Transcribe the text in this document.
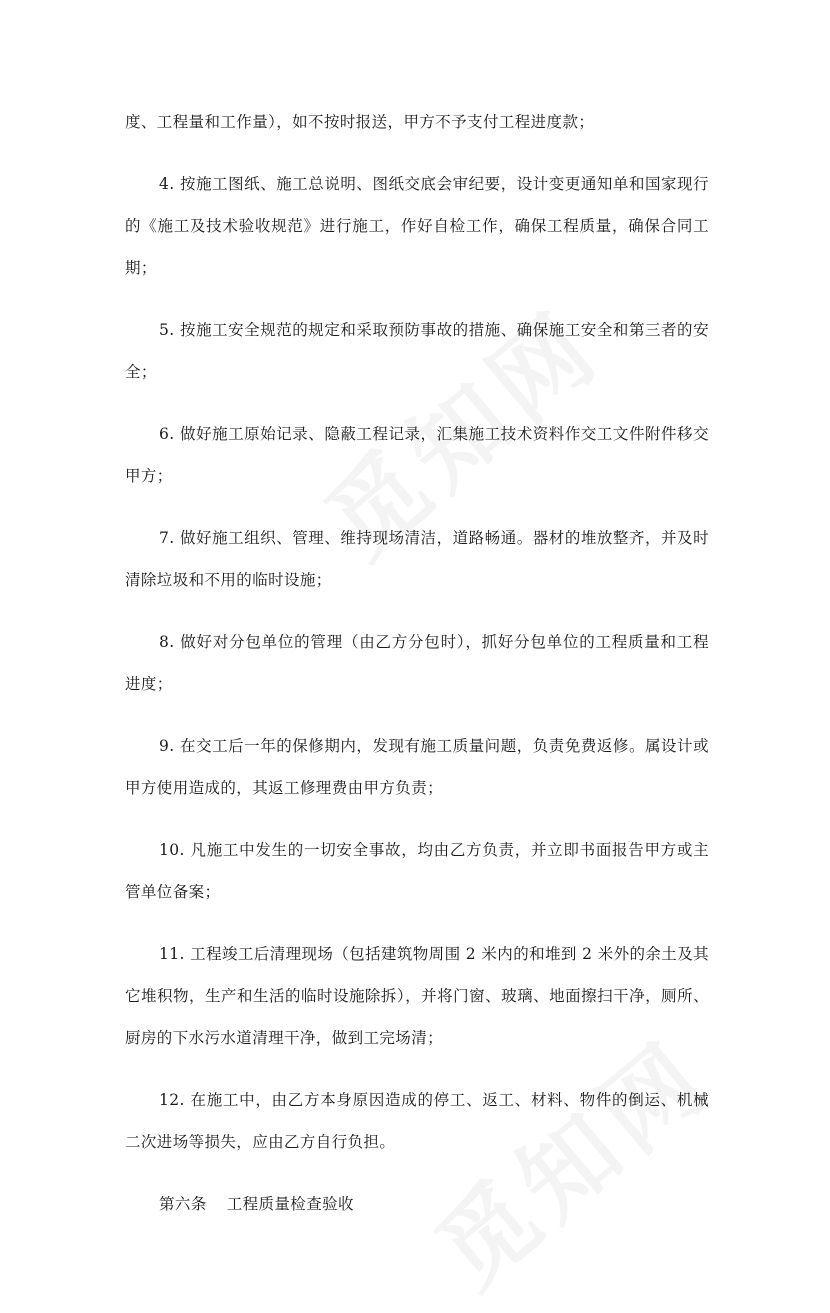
度、工程量和工作量），如不按时报送，甲方不予支付工程进度款；

4. 按施工图纸、施工总说明、图纸交底会审纪要，设计变更通知单和国家现行的《施工及技术验收规范》进行施工，作好自检工作，确保工程质量，确保合同工期；

5. 按施工安全规范的规定和采取预防事故的措施、确保施工安全和第三者的安全；

6. 做好施工原始记录、隐蔽工程记录，汇集施工技术资料作交工文件附件移交甲方；

7. 做好施工组织、管理、维持现场清洁，道路畅通。器材的堆放整齐，并及时清除垃圾和不用的临时设施；

8. 做好对分包单位的管理（由乙方分包时），抓好分包单位的工程质量和工程进度；

9. 在交工后一年的保修期内，发现有施工质量问题，负责免费返修。属设计或甲方使用造成的，其返工修理费由甲方负责；

10. 凡施工中发生的一切安全事故，均由乙方负责，并立即书面报告甲方或主管单位备案；

11. 工程竣工后清理现场（包括建筑物周围 2 米内的和堆到 2 米外的余土及其它堆积物，生产和生活的临时设施除拆），并将门窗、玻璃、地面擦扫干净，厕所、厨房的下水污水道清理干净，做到工完场清；

12. 在施工中，由乙方本身原因造成的停工、返工、材料、物件的倒运、机械二次进场等损失，应由乙方自行负担。

第六条 工程质量检查验收
